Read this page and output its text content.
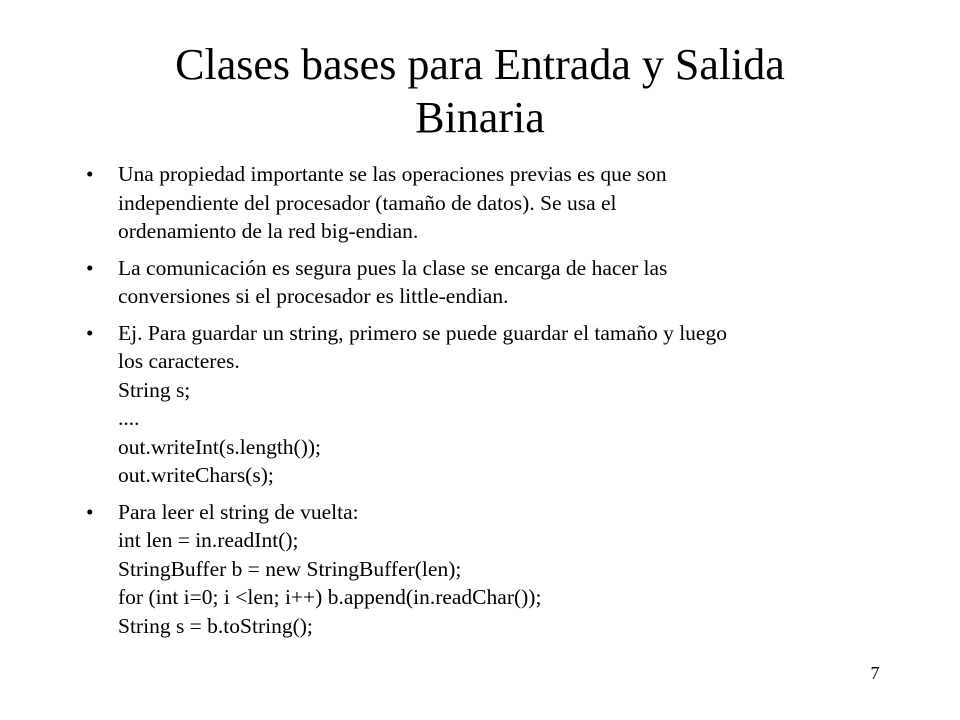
Clases bases para Entrada y Salida
Binaria
• Una propiedad importante se las operaciones previas es que son
independiente del procesador (tamaño de datos). Se usa el
ordenamiento de la red big-endian.
• La comunicación es segura pues la clase se encarga de hacer las
conversiones si el procesador es little-endian.
• Ej. Para guardar un string, primero se puede guardar el tamaño y luego
los caracteres.
String s;
....
out.writeInt(s.length());
out.writeChars(s);
• Para leer el string de vuelta:
int len = in.readInt();
StringBuffer b = new StringBuffer(len);
for (int i=0; i <len; i++) b.append(in.readChar());
String s = b.toString();
7
